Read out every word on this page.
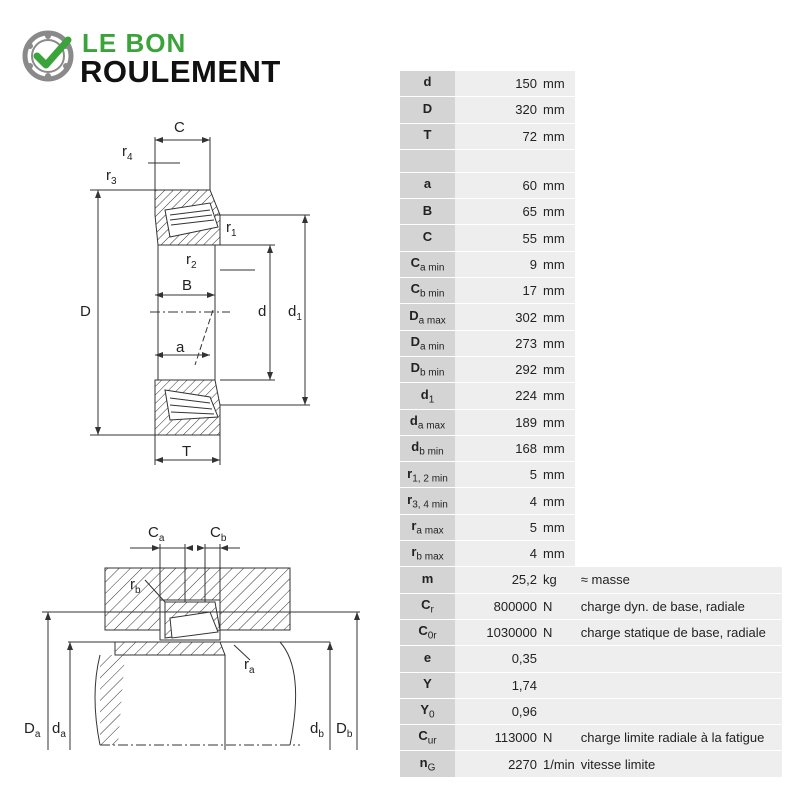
LE BON
ROULEMENT
C
$r_4$
$r_3$
$r_1$
$r_2$
B
D	d $d_1$
a
T
$C_a$	$C_b$
$r_b$
$r_a$
$D_a$ $d_a$	$d_b$ $D_b$
d	150	mm	
D	320	mm	
T	72	mm	

a	60	mm	
B	65	mm	
C	55	mm	
$C_{a min}$	9	mm	
$C_{b min}$	17	mm	
$D_{a max}$	302	mm	
$D_{a min}$	273	mm	
$D_{b min}$	292	mm	
$d_1$	224	mm	
$d_{a max}$	189	mm	
$d_{b min}$	168	mm	
$r_{1, 2 min}$	5	mm	
$r_{3, 4 min}$	4	mm	
$r_{a max}$	5	mm	
$r_{b max}$	4	mm	
m	25,2	kg	≈ masse
$C_r$	800000	N	charge dyn. de base, radiale
$C_{0r}$	1030000	N	charge statique de base, radiale
e	0,35		
Y	1,74		
$Y_0$	0,96		
$C_{ur}$	113000	N	charge limite radiale à la fatigue
$n_G$	2270	1/min	vitesse limite
